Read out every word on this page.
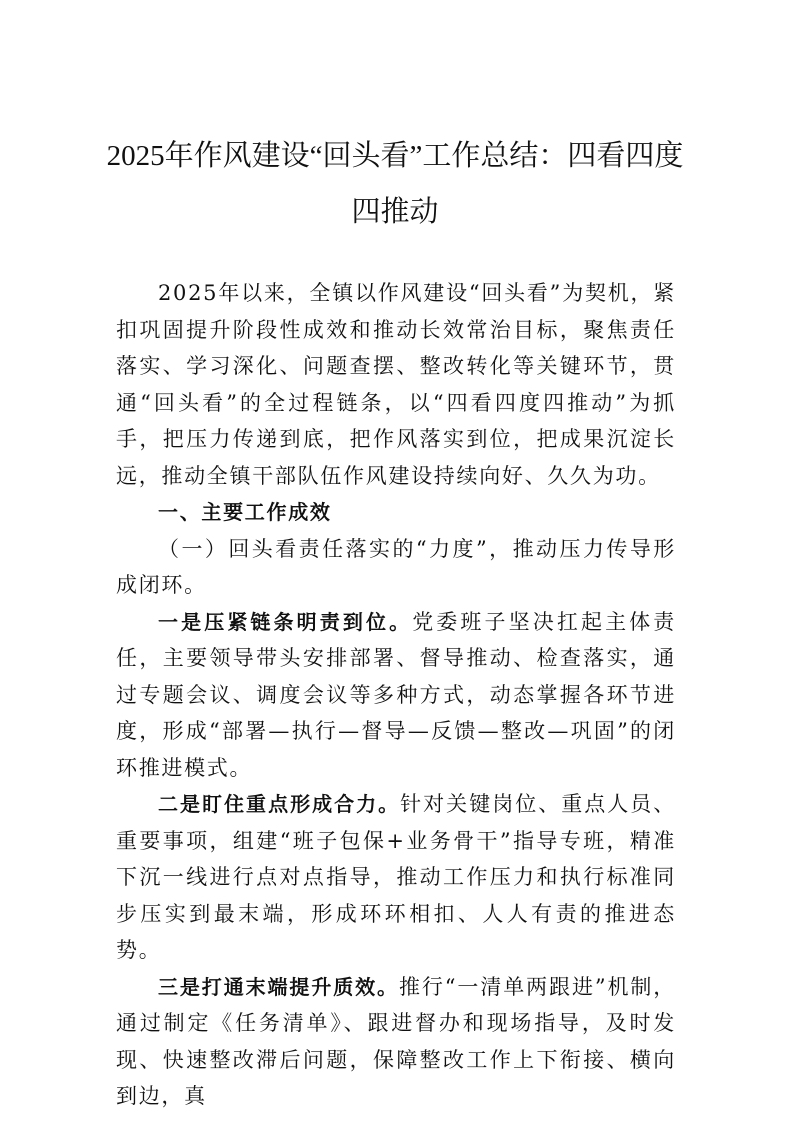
2025年作风建设“回头看”工作总结：四看四度四推动

2025年以来，全镇以作风建设“回头看”为契机，紧扣巩固提升阶段性成效和推动长效常治目标，聚焦责任落实、学习深化、问题查摆、整改转化等关键环节，贯通“回头看”的全过程链条，以“四看四度四推动”为抓手，把压力传递到底，把作风落实到位，把成果沉淀长远，推动全镇干部队伍作风建设持续向好、久久为功。

一、主要工作成效

（一）回头看责任落实的“力度”，推动压力传导形成闭环。

一是压紧链条明责到位。党委班子坚决扛起主体责任，主要领导带头安排部署、督导推动、检查落实，通过专题会议、调度会议等多种方式，动态掌握各环节进度，形成“部署—执行—督导—反馈—整改—巩固”的闭环推进模式。

二是盯住重点形成合力。针对关键岗位、重点人员、重要事项，组建“班子包保+业务骨干”指导专班，精准下沉一线进行点对点指导，推动工作压力和执行标准同步压实到最末端，形成环环相扣、人人有责的推进态势。

三是打通末端提升质效。推行“一清单两跟进”机制，通过制定《任务清单》、跟进督办和现场指导，及时发现、快速整改滞后问题，保障整改工作上下衔接、横向到边，真
